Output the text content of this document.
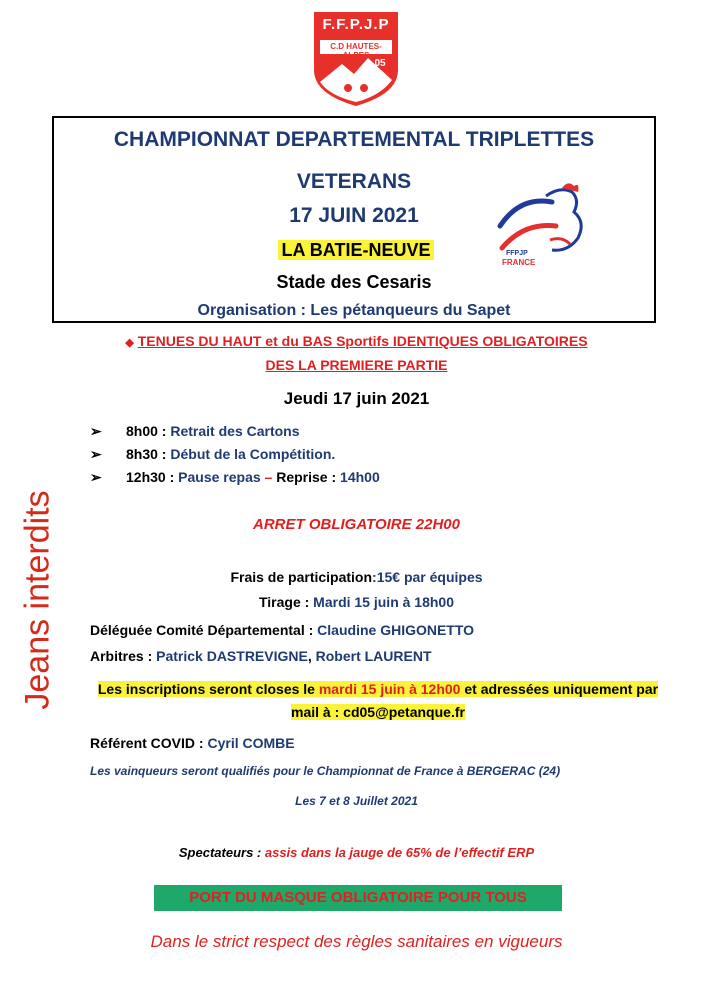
F.F.P.J.P
C.D HAUTES-ALPES
05
CHAMPIONNAT DEPARTEMENTAL TRIPLETTES
VETERANS
17 JUIN 2021
LA BATIE-NEUVE
Stade des Cesaris
Organisation : Les pétanqueurs du Sapet
FFPJP
FRANCE
◆ TENUES DU HAUT et du BAS Sportifs IDENTIQUES OBLIGATOIRES
DES LA PREMIERE PARTIE
Jeudi 17 juin 2021
➢ 8h00 : Retrait des Cartons
➢ 8h30 : Début de la Compétition.
➢ 12h30 : Pause repas – Reprise : 14h00
Jeans interdits	ARRET OBLIGATOIRE 22H00
Frais de participation:15€ par équipes
Tirage : Mardi 15 juin à 18h00
Déléguée Comité Départemental : Claudine GHIGONETTO
Arbitres : Patrick DASTREVIGNE, Robert LAURENT
Les inscriptions seront closes le mardi 15 juin à 12h00 et adressées uniquement par
mail à : cd05@petanque.fr
Référent COVID : Cyril COMBE
Les vainqueurs seront qualifiés pour le Championnat de France à BERGERAC (24)
Les 7 et 8 Juillet 2021
Spectateurs : assis dans la jauge de 65% de l’effectif ERP
PORT DU MASQUE OBLIGATOIRE POUR TOUS
Dans le strict respect des règles sanitaires en vigueurs
